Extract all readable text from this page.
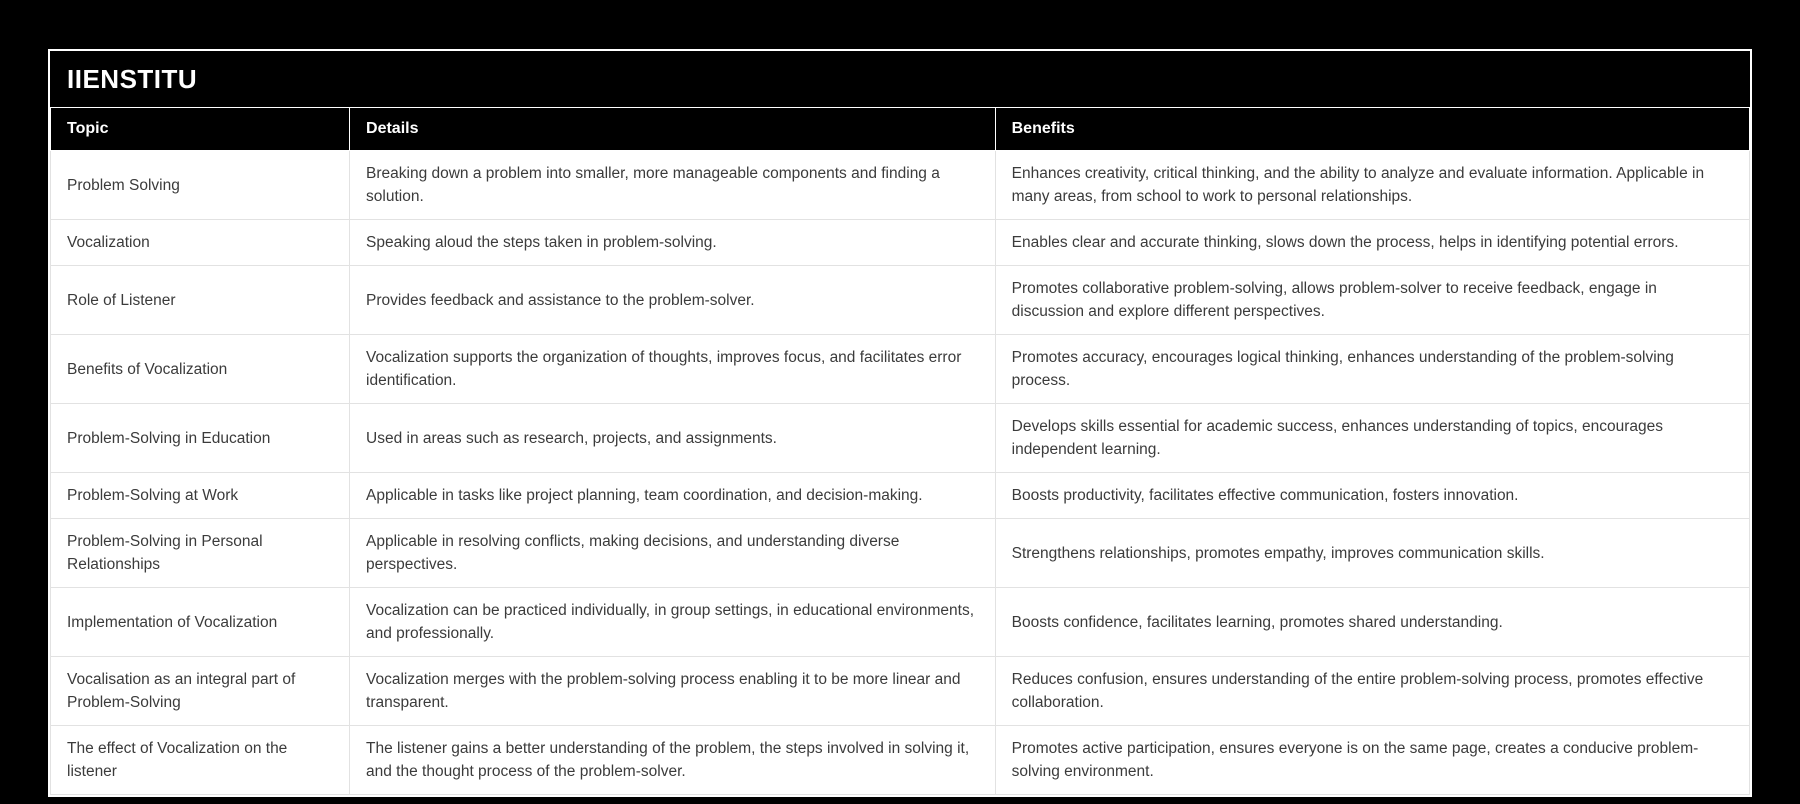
IIENSTITU
Topic	Details	Benefits
Problem Solving	Breaking down a problem into smaller, more manageable components and finding a solution.	Enhances creativity, critical thinking, and the ability to analyze and evaluate information. Applicable in many areas, from school to work to personal relationships.
Vocalization	Speaking aloud the steps taken in problem-solving.	Enables clear and accurate thinking, slows down the process, helps in identifying potential errors.
Role of Listener	Provides feedback and assistance to the problem-solver.	Promotes collaborative problem-solving, allows problem-solver to receive feedback, engage in discussion and explore different perspectives.
Benefits of Vocalization	Vocalization supports the organization of thoughts, improves focus, and facilitates error identification.	Promotes accuracy, encourages logical thinking, enhances understanding of the problem-solving process.
Problem-Solving in Education	Used in areas such as research, projects, and assignments.	Develops skills essential for academic success, enhances understanding of topics, encourages independent learning.
Problem-Solving at Work	Applicable in tasks like project planning, team coordination, and decision-making.	Boosts productivity, facilitates effective communication, fosters innovation.
Problem-Solving in Personal Relationships	Applicable in resolving conflicts, making decisions, and understanding diverse perspectives.	Strengthens relationships, promotes empathy, improves communication skills.
Implementation of Vocalization	Vocalization can be practiced individually, in group settings, in educational environments, and professionally.	Boosts confidence, facilitates learning, promotes shared understanding.
Vocalisation as an integral part of Problem-Solving	Vocalization merges with the problem-solving process enabling it to be more linear and transparent.	Reduces confusion, ensures understanding of the entire problem-solving process, promotes effective collaboration.
The effect of Vocalization on the listener	The listener gains a better understanding of the problem, the steps involved in solving it, and the thought process of the problem-solver.	Promotes active participation, ensures everyone is on the same page, creates a conducive problem-solving environment.
